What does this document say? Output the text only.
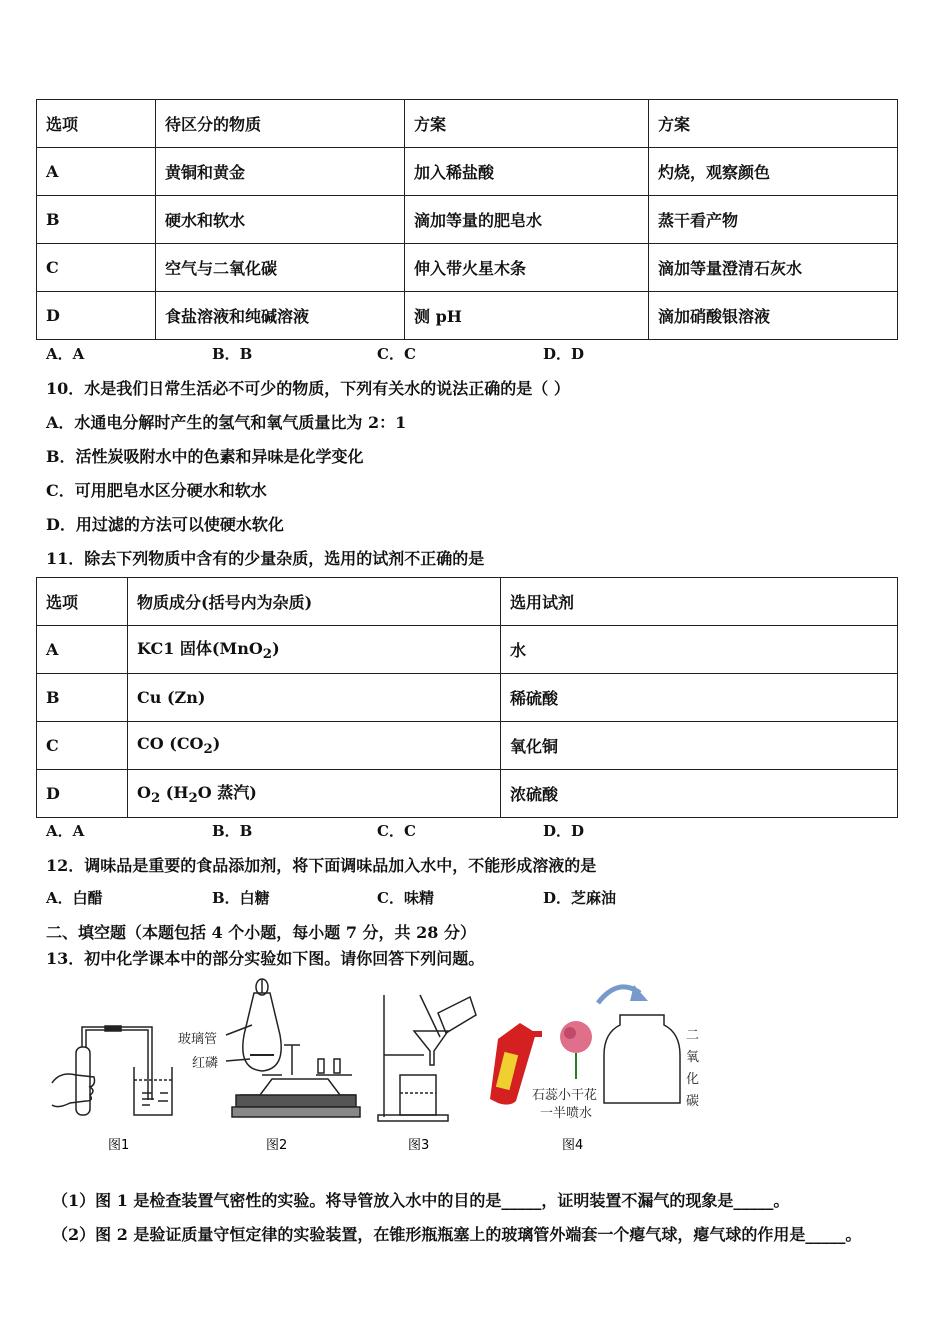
选项	待区分的物质	方案	方案
A	黄铜和黄金	加入稀盐酸	灼烧，观察颜色
B	硬水和软水	滴加等量的肥皂水	蒸干看产物
C	空气与二氧化碳	伸入带火星木条	滴加等量澄清石灰水
D	食盐溶液和纯碱溶液	测 pH	滴加硝酸银溶液
A．A	B．B	C．C	D．D
10．水是我们日常生活必不可少的物质，下列有关水的说法正确的是（ ）
A．水通电分解时产生的氢气和氧气质量比为 2：1
B．活性炭吸附水中的色素和异味是化学变化
C．可用肥皂水区分硬水和软水
D．用过滤的方法可以使硬水软化
11．除去下列物质中含有的少量杂质，选用的试剂不正确的是
选项	物质成分(括号内为杂质)	选用试剂
A	KC1 固体(MnO$_2$)	水
B	Cu (Zn)	稀硫酸
C	CO $(CO_2)$	氧化铜
D	$O_2$ ($H_2O$ 蒸汽)	浓硫酸
A．A	B．B	C．C	D．D
12．调味品是重要的食品添加剂，将下面调味品加入水中，不能形成溶液的是
A．白醋	B．白糖	C．味精	D．芝麻油
二、填空题（本题包括 4 个小题，每小题 7 分，共 28 分）
13．初中化学课本中的部分实验如下图。请你回答下列问题。
图1
玻璃管
红磷
图2	图3
石蕊小干花
一半喷水
二
氧
化
碳
图4
（1）图 1 是检查装置气密性的实验。将导管放入水中的目的是_____，证明装置不漏气的现象是_____。
（2）图 2 是验证质量守恒定律的实验装置，在锥形瓶瓶塞上的玻璃管外端套一个瘪气球，瘪气球的作用是_____。
